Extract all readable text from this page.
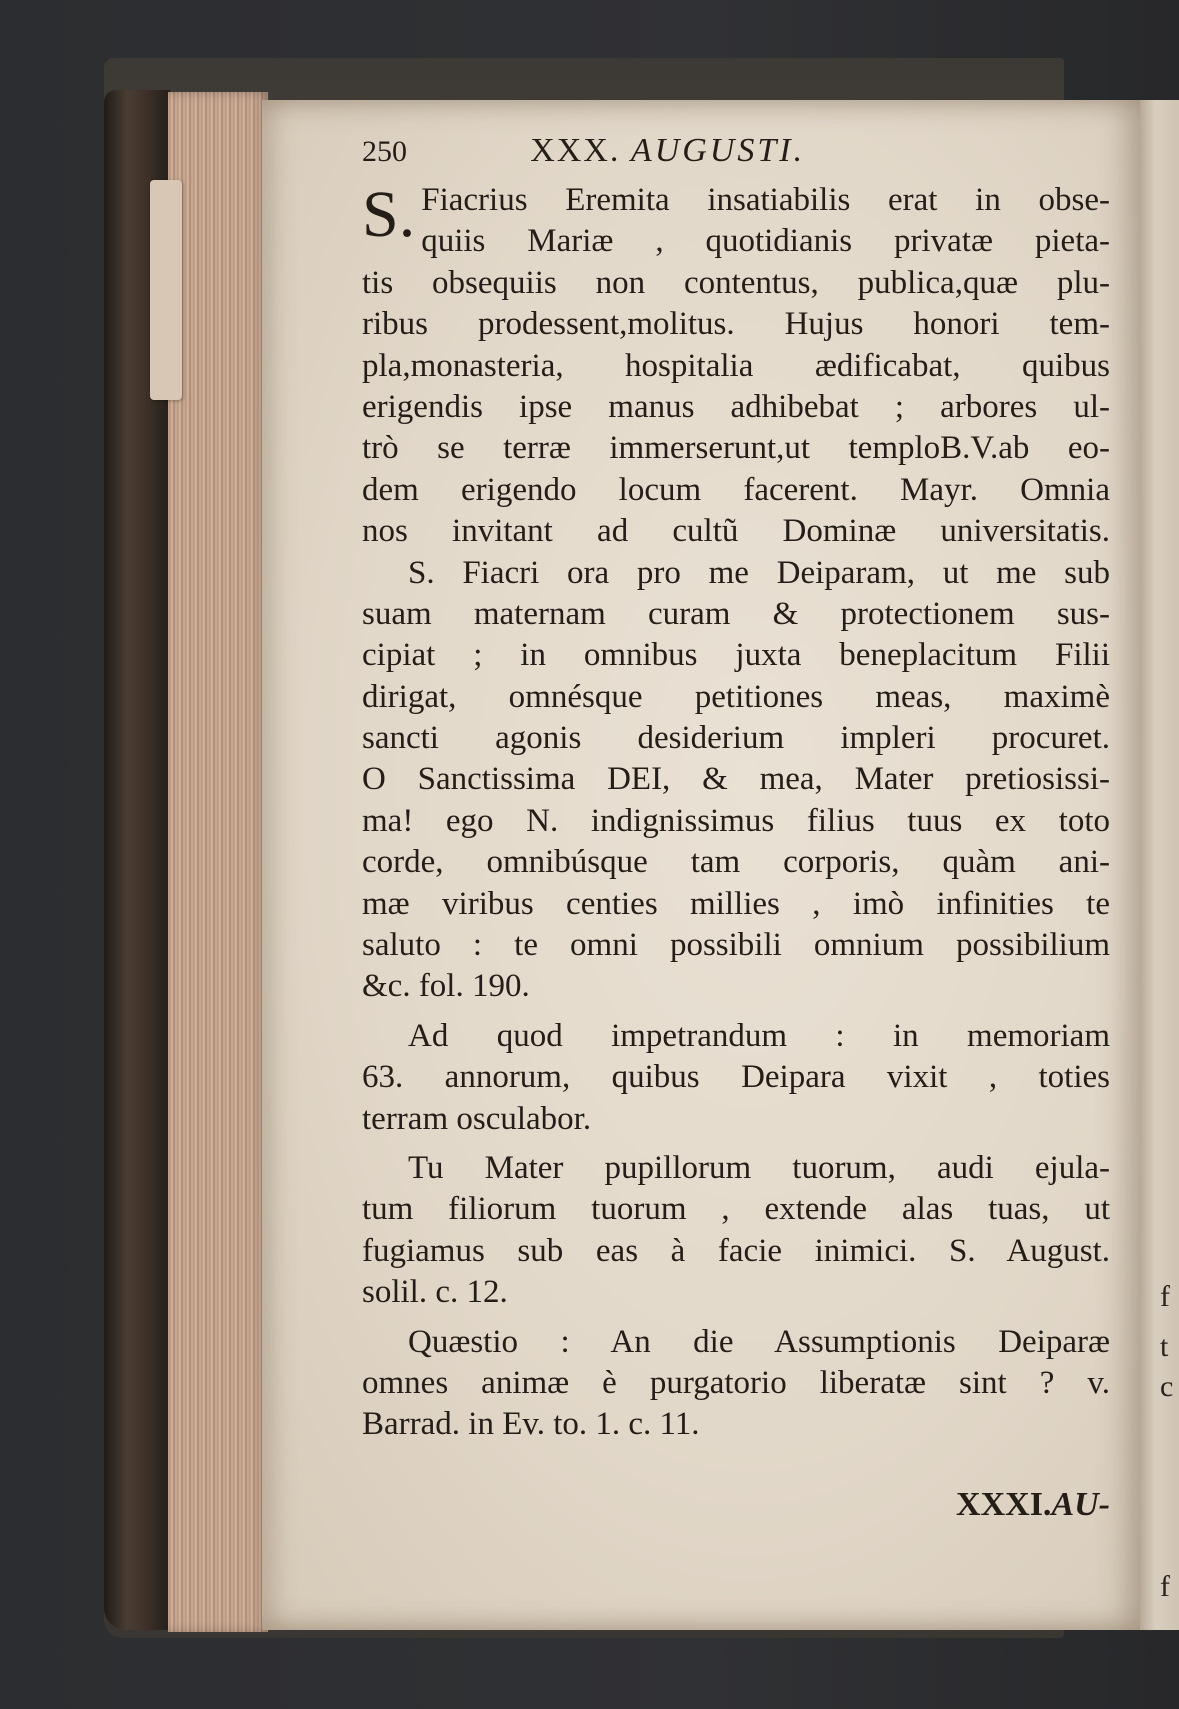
f
t
c
f
250	XXX. AUGUSTI.
S. Fiacrius Eremita insatiabilis erat in obse-
quiis Mariæ , quotidianis privatæ pieta-
tis obsequiis non contentus, publica,quæ plu-
ribus prodessent,molitus. Hujus honori tem-
pla,monasteria, hospitalia ædificabat, quibus
erigendis ipse manus adhibebat ; arbores ul-
trò se terræ immerserunt,ut temploB.V.ab eo-
dem erigendo locum facerent. Mayr. Omnia
nos invitant ad cultũ Dominæ universitatis.
S. Fiacri ora pro me Deiparam, ut me sub
suam maternam curam & protectionem sus-
cipiat ; in omnibus juxta beneplacitum Filii
dirigat, omnésque petitiones meas, maximè
sancti agonis desiderium impleri procuret.
O Sanctissima DEI, & mea, Mater pretiosissi-
ma! ego N. indignissimus filius tuus ex toto
corde, omnibúsque tam corporis, quàm ani-
mæ viribus centies millies , imò infinities te
saluto : te omni possibili omnium possibilium
&c. fol. 190.
Ad quod impetrandum : in memoriam
63. annorum, quibus Deipara vixit , toties
terram osculabor.
Tu Mater pupillorum tuorum, audi ejula-
tum filiorum tuorum , extende alas tuas, ut
fugiamus sub eas à facie inimici. S. August.
solil. c. 12.
Quæstio : An die Assumptionis Deiparæ
omnes animæ è purgatorio liberatæ sint ? v.
Barrad. in Ev. to. 1. c. 11.
XXXI.AU-
